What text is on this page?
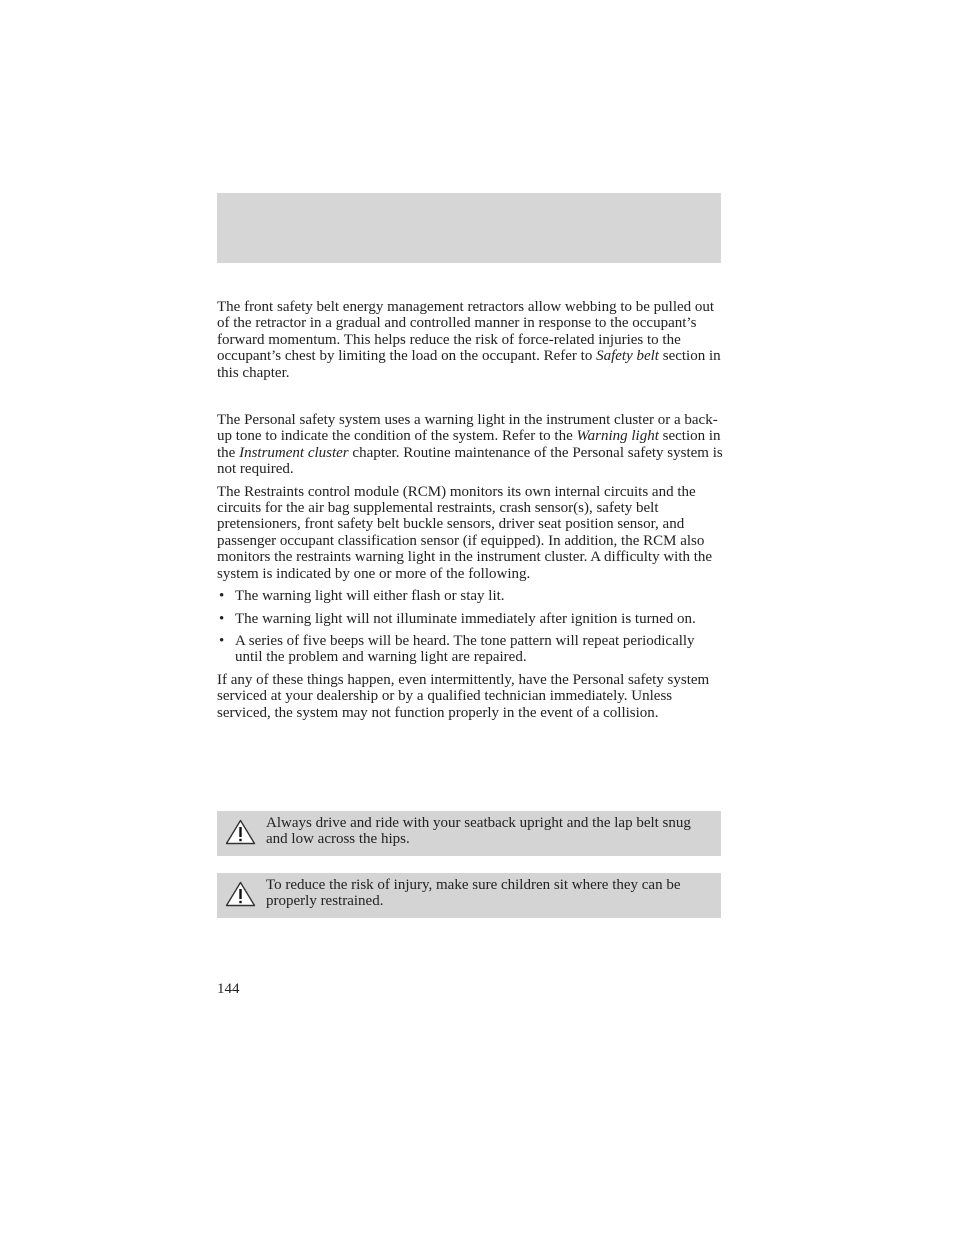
The front safety belt energy management retractors allow webbing to be pulled out of the retractor in a gradual and controlled manner in response to the occupant’s forward momentum. This helps reduce the risk of force-related injuries to the occupant’s chest by limiting the load on the occupant. Refer to Safety belt section in this chapter.

The Personal safety system uses a warning light in the instrument cluster or a back-up tone to indicate the condition of the system. Refer to the Warning light section in the Instrument cluster chapter. Routine maintenance of the Personal safety system is not required.

The Restraints control module (RCM) monitors its own internal circuits and the circuits for the air bag supplemental restraints, crash sensor(s), safety belt pretensioners, front safety belt buckle sensors, driver seat position sensor, and passenger occupant classification sensor (if equipped). In addition, the RCM also monitors the restraints warning light in the instrument cluster. A difficulty with the system is indicated by one or more of the following.

• The warning light will either flash or stay lit.
• The warning light will not illuminate immediately after ignition is turned on.
• A series of five beeps will be heard. The tone pattern will repeat periodically until the problem and warning light are repaired.

If any of these things happen, even intermittently, have the Personal safety system serviced at your dealership or by a qualified technician immediately. Unless serviced, the system may not function properly in the event of a collision.

Always drive and ride with your seatback upright and the lap belt snug and low across the hips.
To reduce the risk of injury, make sure children sit where they can be properly restrained.
144
